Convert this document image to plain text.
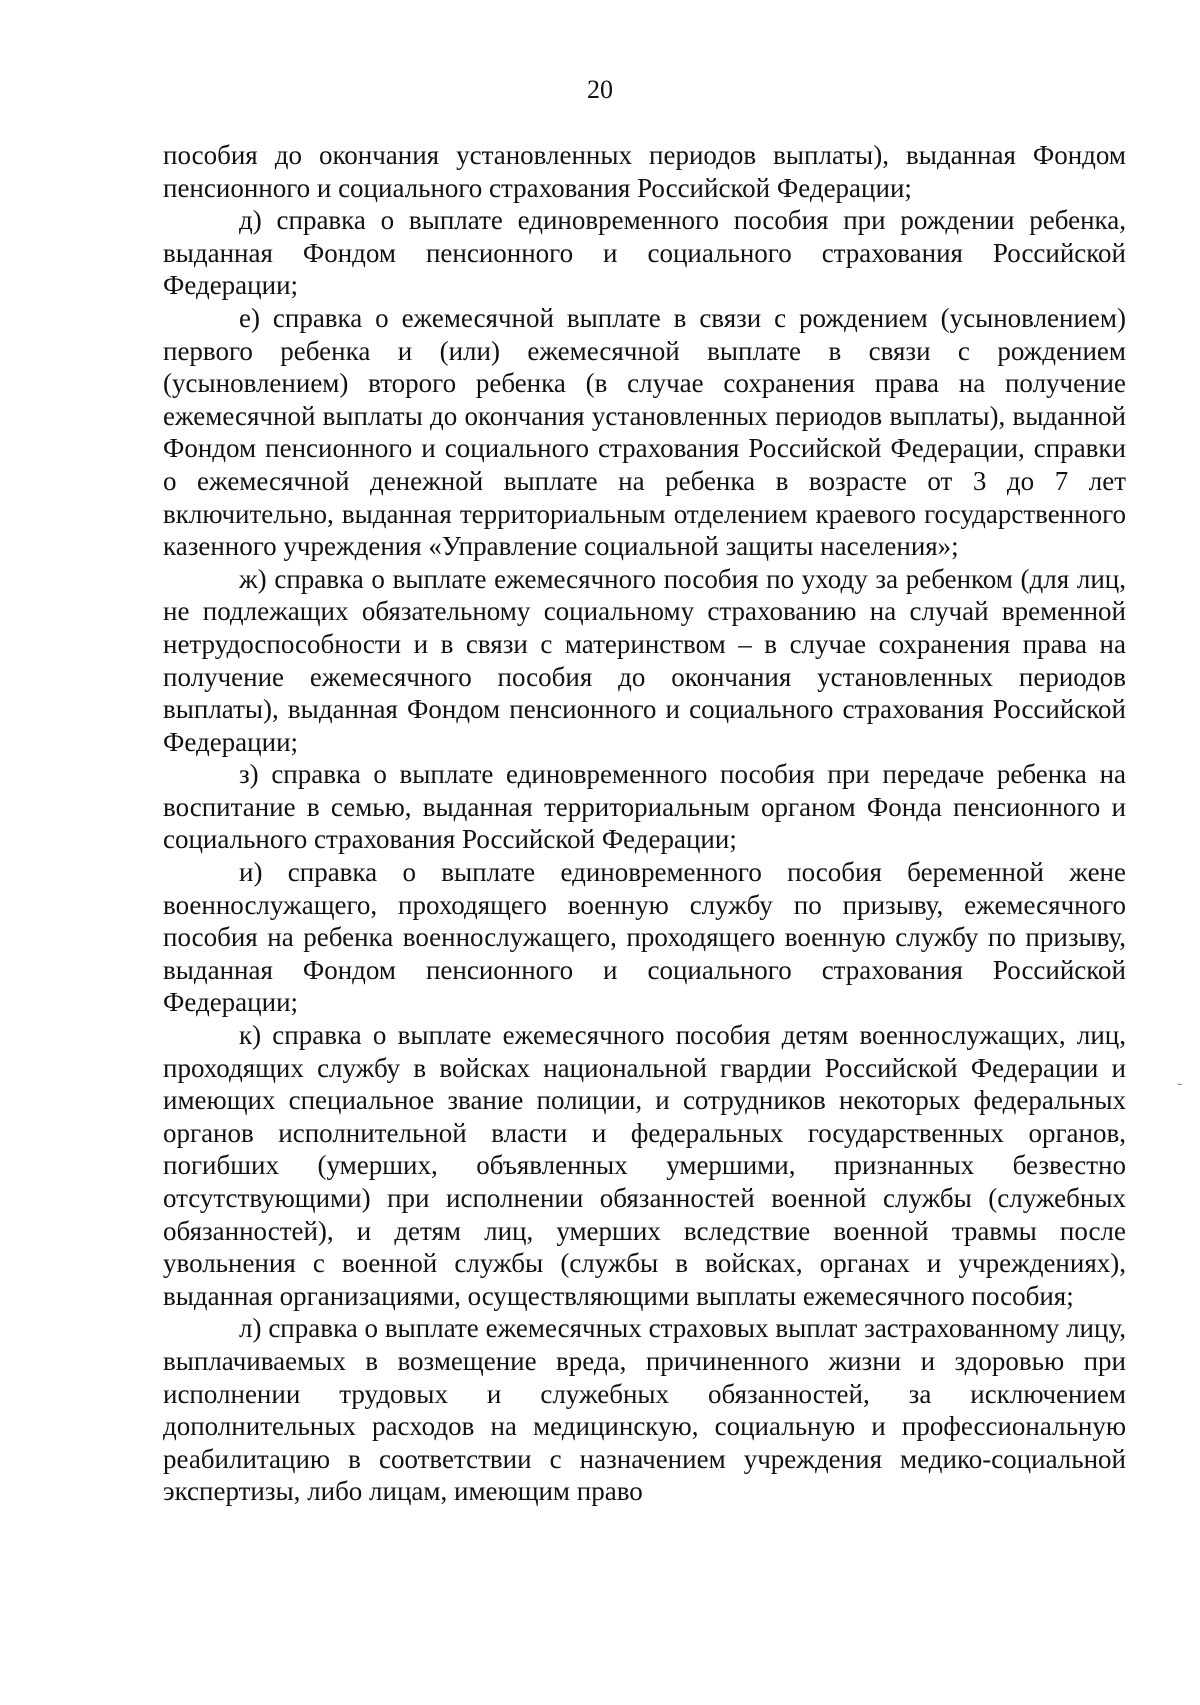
20

пособия до окончания установленных периодов выплаты), выданная Фондом пенсионного и социального страхования Российской Федерации;

д) справка о выплате единовременного пособия при рождении ребенка, выданная Фондом пенсионного и социального страхования Российской Федерации;

е) справка о ежемесячной выплате в связи с рождением (усыновлением) первого ребенка и (или) ежемесячной выплате в связи с рождением (усыновлением) второго ребенка (в случае сохранения права на получение ежемесячной выплаты до окончания установленных периодов выплаты), выданной Фондом пенсионного и социального страхования Российской Федерации, справки о ежемесячной денежной выплате на ребенка в возрасте от 3 до 7 лет включительно, выданная территориальным отделением краевого государственного казенного учреждения «Управление социальной защиты населения»;

ж) справка о выплате ежемесячного пособия по уходу за ребенком (для лиц, не подлежащих обязательному социальному страхованию на случай временной нетрудоспособности и в связи с материнством – в случае сохранения права на получение ежемесячного пособия до окончания установленных периодов выплаты), выданная Фондом пенсионного и социального страхования Российской Федерации;

з) справка о выплате единовременного пособия при передаче ребенка на воспитание в семью, выданная территориальным органом Фонда пенсионного и социального страхования Российской Федерации;

и) справка о выплате единовременного пособия беременной жене военнослужащего, проходящего военную службу по призыву, ежемесячного пособия на ребенка военнослужащего, проходящего военную службу по призыву, выданная Фондом пенсионного и социального страхования Российской Федерации;

к) справка о выплате ежемесячного пособия детям военнослужащих, лиц, проходящих службу в войсках национальной гвардии Российской Федерации и имеющих специальное звание полиции, и сотрудников некоторых федеральных органов исполнительной власти и федеральных государственных органов, погибших (умерших, объявленных умершими, признанных безвестно отсутствующими) при исполнении обязанностей военной службы (служебных обязанностей), и детям лиц, умерших вследствие военной травмы после увольнения с военной службы (службы в войсках, органах и учреждениях), выданная организациями, осуществляющими выплаты ежемесячного пособия;

л) справка о выплате ежемесячных страховых выплат застрахованному лицу, выплачиваемых в возмещение вреда, причиненного жизни и здоровью при исполнении трудовых и служебных обязанностей, за исключением дополнительных расходов на медицинскую, социальную и профессиональную реабилитацию в соответствии с назначением учреждения медико-социальной экспертизы, либо лицам, имеющим право

-
